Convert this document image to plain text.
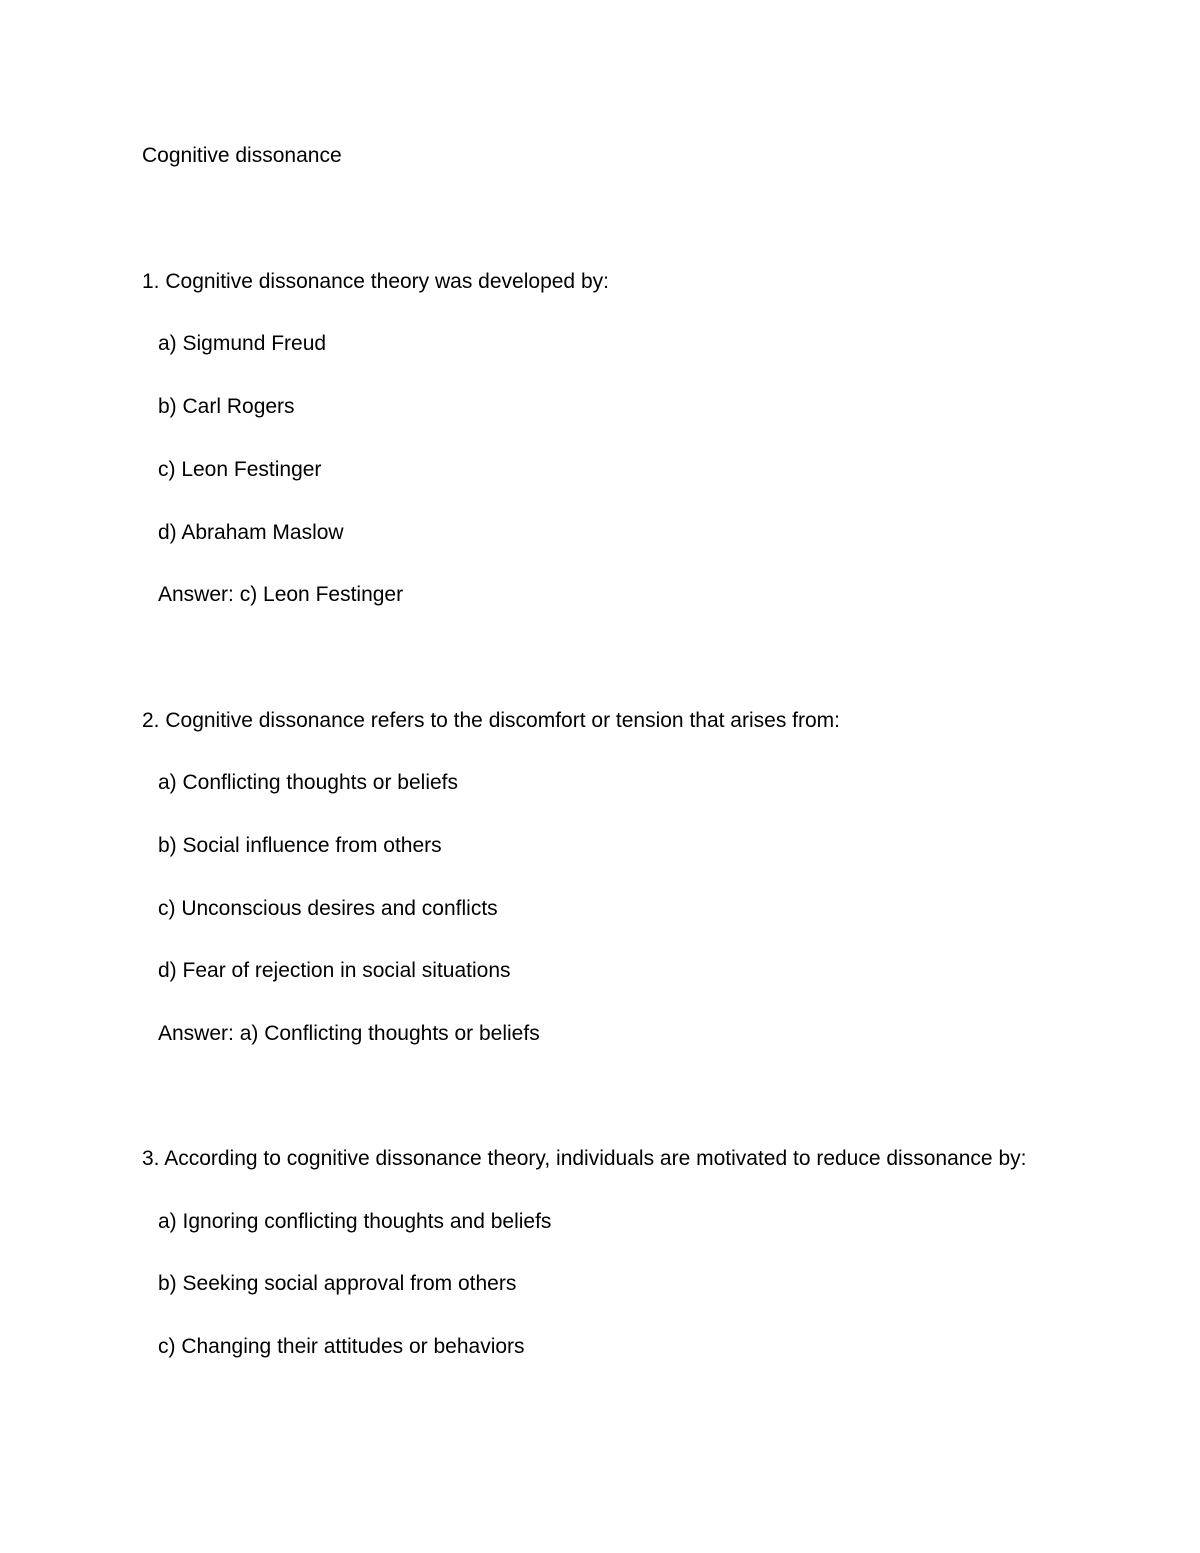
Cognitive dissonance
1. Cognitive dissonance theory was developed by:
a) Sigmund Freud
b) Carl Rogers
c) Leon Festinger
d) Abraham Maslow
Answer: c) Leon Festinger
2. Cognitive dissonance refers to the discomfort or tension that arises from:
a) Conflicting thoughts or beliefs
b) Social influence from others
c) Unconscious desires and conflicts
d) Fear of rejection in social situations
Answer: a) Conflicting thoughts or beliefs
3. According to cognitive dissonance theory, individuals are motivated to reduce dissonance by:
a) Ignoring conflicting thoughts and beliefs
b) Seeking social approval from others
c) Changing their attitudes or behaviors
